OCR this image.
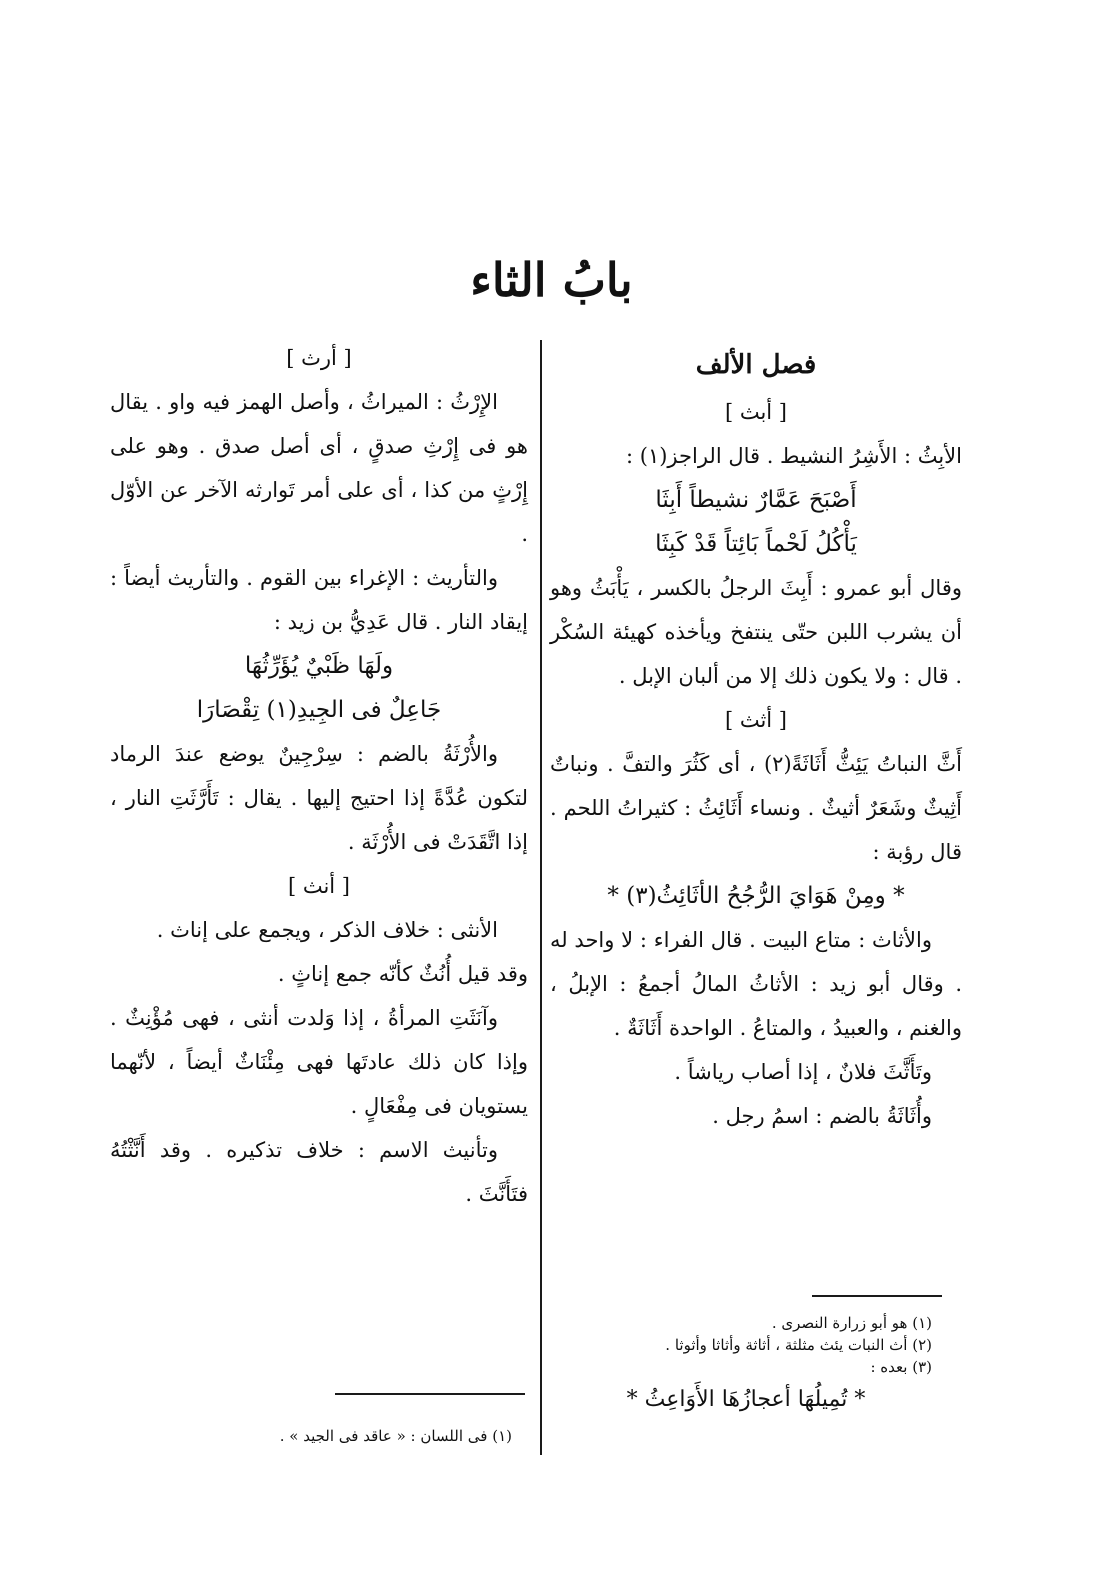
بابُ الثاء

فصل الألف

[ أبث ]

الأبِثُ : الأَشِرُ النشيط . قال الراجز(١) :

أَصْبَحَ عَمَّارٌ نشيطاً أَبِثَا

يَأْكُلُ لَحْماً بَائِتاً قَدْ كَبِثَا

وقال أبو عمرو : أَبِثَ الرجلُ بالكسر ، يَأْبَثُ وهو أن يشرب اللبن حتّى ينتفخ ويأخذه كهيئة السُكْر . قال : ولا يكون ذلك إلا من ألبان الإبل .

[ أثث ]

أَثَّ النباتُ يَئِثُّ أَثَاثَةً(٢) ، أى كَثُرَ والتفَّ . ونباتٌ أَثِيثٌ وشَعَرٌ أثيثٌ . ونساء أَثَائِثُ : كثيراتُ اللحم . قال رؤبة :

* ومِنْ هَوَايَ الرُّجُحُ الأثَائِثُ(٣) *

والأثاث : متاع البيت . قال الفراء : لا واحد له . وقال أبو زيد : الأثاثُ المالُ أجمعُ : الإبلُ ، والغنم ، والعبيدُ ، والمتاعُ . الواحدة أَثَاثَةٌ .

وتَأَثَّثَ فلانٌ ، إذا أصاب رياشاً .

وأُثَاثَةُ بالضم : اسمُ رجل .

(١) هو أبو زرارة النصرى .

(٢) أث النبات يئث مثلثة ، أثاثة وأثاثا وأثوثا .

(٣) بعده :

* تُمِيلُهَا أعجازُهَا الأَوَاعِثُ *

[ أرث ]

الإِرْثُ : الميراثُ ، وأصل الهمز فيه واو . يقال هو فى إِرْثِ صدقٍ ، أى أصل صدق . وهو على إِرْثٍ من كذا ، أى على أمر تَوارثه الآخر عن الأوّل .

والتأريث : الإغراء بين القوم . والتأريث أيضاً : إيقاد النار . قال عَدِيُّ بن زيد :

ولَهَا ظَبْيٌ يُؤَرِّثُهَا

جَاعِلٌ فى الجِيدِ(١) تِقْصَارَا

والأُرْثَةُ بالضم : سِرْجِينٌ يوضع عندَ الرماد لتكون عُدَّةً إذا احتيج إليها . يقال : تَأَرَّثَتِ النار ، إذا اتَّقَدَتْ فى الأُرْثَة .

[ أنث ]

الأنثى : خلاف الذكر ، ويجمع على إناث .

وقد قيل أُنُثٌ كأنّه جمع إناثٍ .

وآنَثَتِ المرأةُ ، إذا وَلدت أنثى ، فهى مُؤْنِثٌ . وإذا كان ذلك عادتَها فهى مِئْنَاثٌ أيضاً ، لأنّهما يستويان فى مِفْعَالٍ .

وتأنيث الاسم : خلاف تذكيره . وقد أَنَّثْتُهُ فتَأَنَّثَ .

(١) فى اللسان : « عاقد فى الجيد » .
